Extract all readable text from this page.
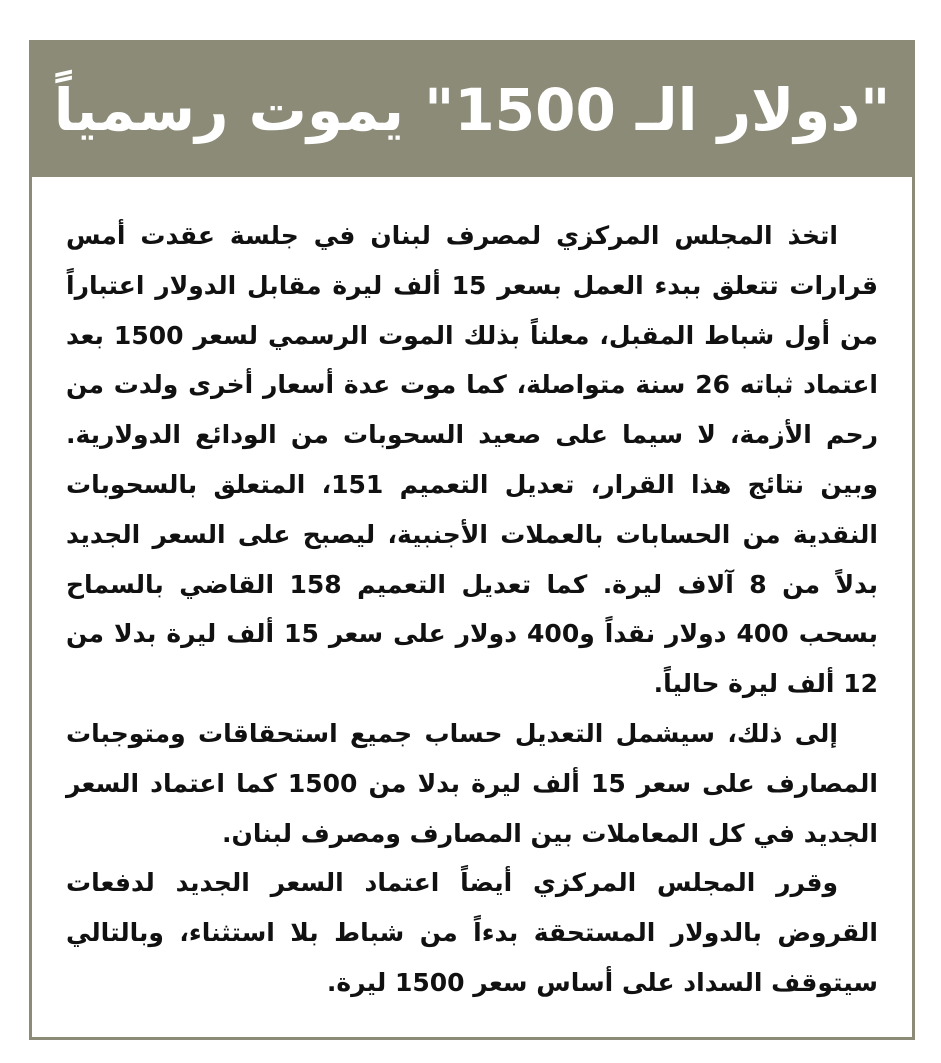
"دولار الـ 1500" يموت رسمياً

اتخذ المجلس المركزي لمصرف لبنان في جلسة عقدت أمس قرارات تتعلق ببدء العمل بسعر 15 ألف ليرة مقابل الدولار اعتباراً من أول شباط المقبل، معلناً بذلك الموت الرسمي لسعر 1500 بعد اعتماد ثباته 26 سنة متواصلة، كما موت عدة أسعار أخرى ولدت من رحم الأزمة، لا سيما على صعيد السحوبات من الودائع الدولارية. وبين نتائج هذا القرار، تعديل التعميم 151، المتعلق بالسحوبات النقدية من الحسابات بالعملات الأجنبية، ليصبح على السعر الجديد بدلاً من 8 آلاف ليرة. كما تعديل التعميم 158 القاضي بالسماح بسحب 400 دولار نقداً و400 دولار على سعر 15 ألف ليرة بدلا من 12 ألف ليرة حالياً.

إلى ذلك، سيشمل التعديل حساب جميع استحقاقات ومتوجبات المصارف على سعر 15 ألف ليرة بدلا من 1500 كما اعتماد السعر الجديد في كل المعاملات بين المصارف ومصرف لبنان.

وقرر المجلس المركزي أيضاً اعتماد السعر الجديد لدفعات القروض بالدولار المستحقة بدءاً من شباط بلا استثناء، وبالتالي سيتوقف السداد على أساس سعر 1500 ليرة.
